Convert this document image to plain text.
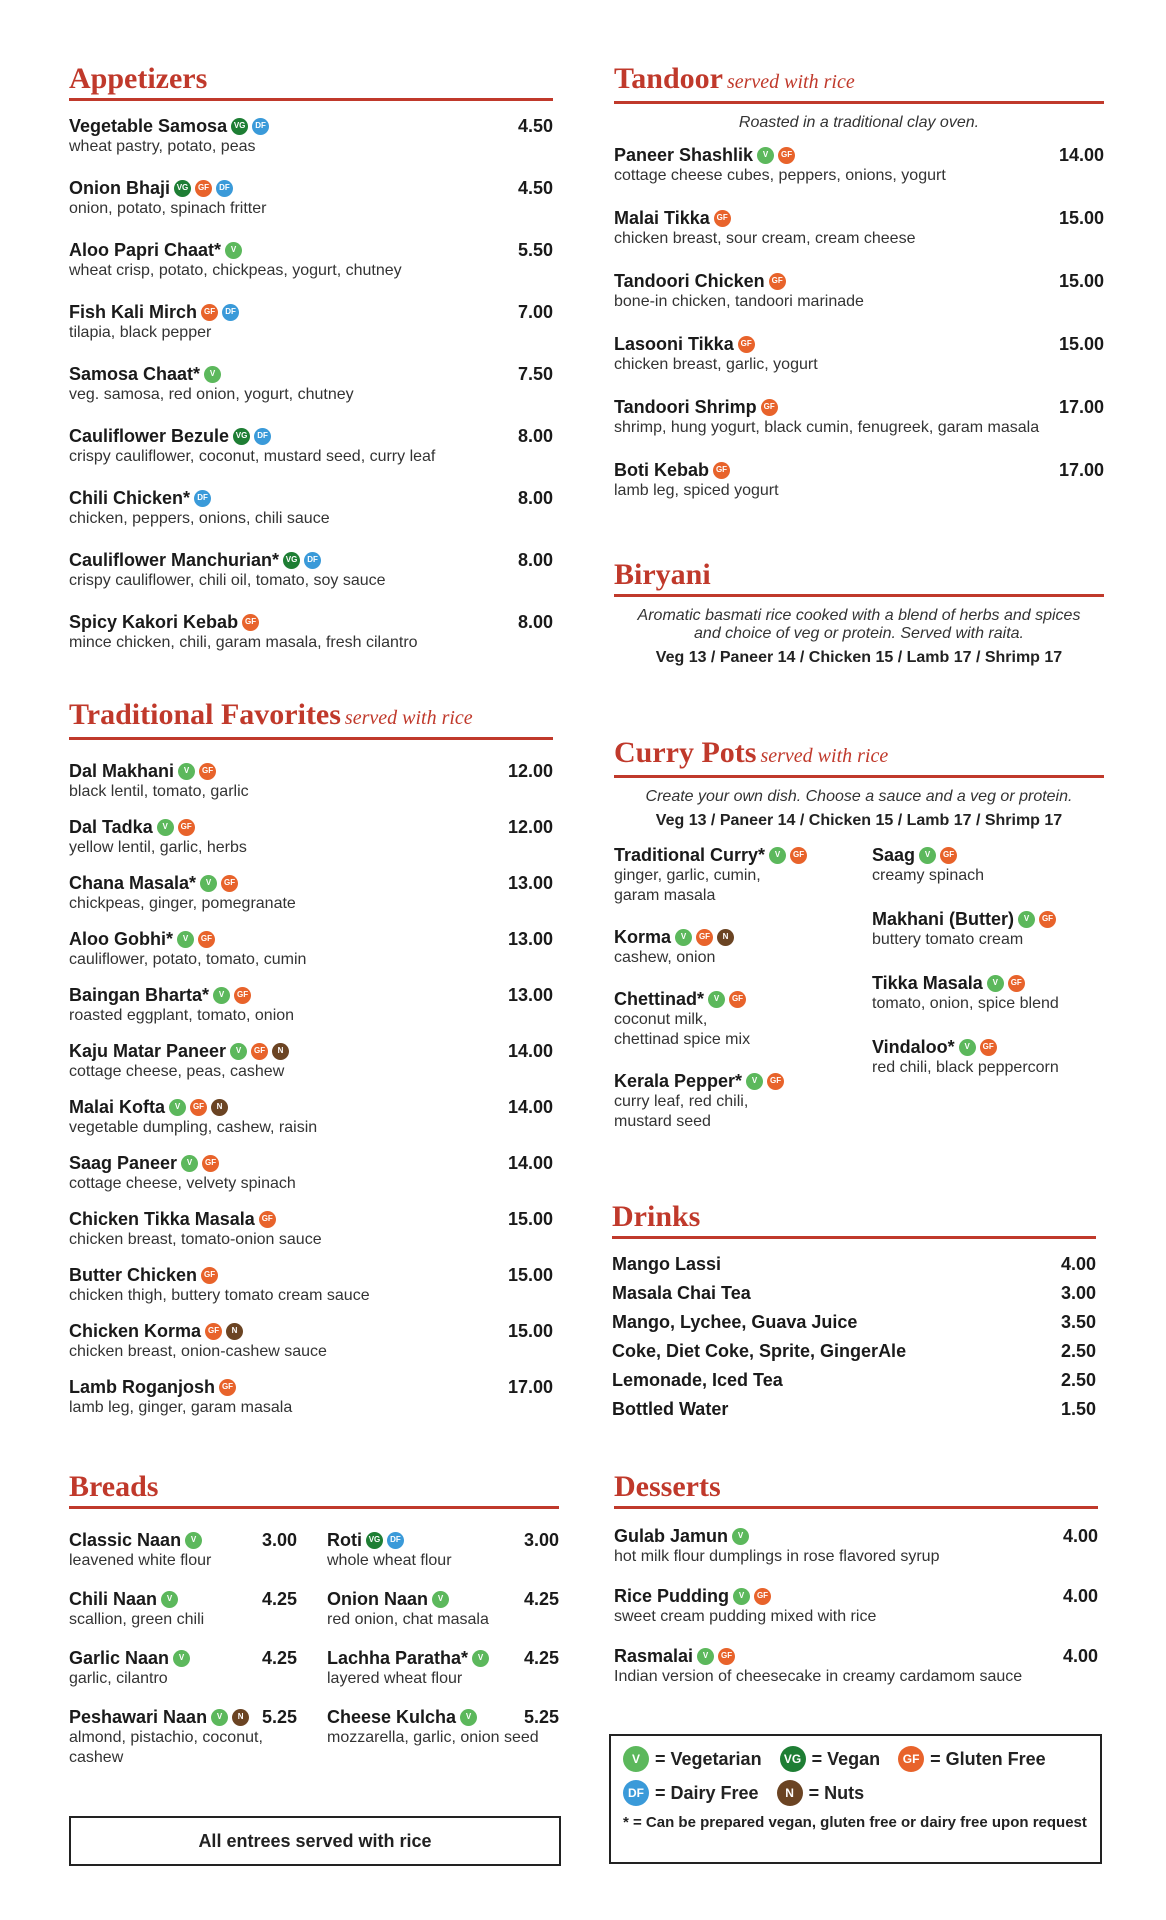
Appetizers
Vegetable Samosa VG	DF	4.50
wheat pastry, potato, peas
Onion Bhaji VG	GF	DF	4.50
onion, potato, spinach fritter
Aloo Papri Chaat*	V	5.50
wheat crisp, potato, chickpeas, yogurt, chutney
Fish Kali Mirch GF	DF	7.00
tilapia, black pepper
Samosa Chaat*	V	7.50
veg. samosa, red onion, yogurt, chutney
Cauliflower Bezule VG	DF	8.00
crispy cauliflower, coconut, mustard seed, curry leaf
Chili Chicken* DF	8.00
chicken, peppers, onions, chili sauce
Cauliflower Manchurian* VG	DF	8.00
crispy cauliflower, chili oil, tomato, soy sauce
Spicy Kakori Kebab GF	8.00
mince chicken, chili, garam masala, fresh cilantro
Traditional Favorites served with rice
Dal Makhani	V	GF	12.00
black lentil, tomato, garlic
Dal Tadka	V	GF	12.00
yellow lentil, garlic, herbs
Chana Masala*	V	GF	13.00
chickpeas, ginger, pomegranate
Aloo Gobhi*	V	GF	13.00
cauliflower, potato, tomato, cumin
Baingan Bharta*	V	GF	13.00
roasted eggplant, tomato, onion
Kaju Matar Paneer	V	GF	N	14.00
cottage cheese, peas, cashew
Malai Kofta	V	GF	N	14.00
vegetable dumpling, cashew, raisin
Saag Paneer	V	GF	14.00
cottage cheese, velvety spinach
Chicken Tikka Masala GF	15.00
chicken breast, tomato-onion sauce
Butter Chicken GF	15.00
chicken thigh, buttery tomato cream sauce
Chicken Korma GF	N	15.00
chicken breast, onion-cashew sauce
Lamb Roganjosh GF	17.00
lamb leg, ginger, garam masala
Breads
Classic Naan	V	3.00
leavened white flour
Chili Naan	V	4.25
scallion, green chili
Garlic Naan	V	4.25
garlic, cilantro
Peshawari Naan	V	N	5.25
almond, pistachio, coconut, cashew
Roti VG	DF	3.00
whole wheat flour
Onion Naan	V	4.25
red onion, chat masala
Lachha Paratha*	V	4.25
layered wheat flour
Cheese Kulcha	V	5.25
mozzarella, garlic, onion seed
All entrees served with rice
Tandoor served with rice
Roasted in a traditional clay oven.
Paneer Shashlik	V	GF	14.00
cottage cheese cubes, peppers, onions, yogurt
Malai Tikka GF	15.00
chicken breast, sour cream, cream cheese
Tandoori Chicken GF	15.00
bone-in chicken, tandoori marinade
Lasooni Tikka GF	15.00
chicken breast, garlic, yogurt
Tandoori Shrimp GF	17.00
shrimp, hung yogurt, black cumin, fenugreek, garam masala
Boti Kebab GF	17.00
lamb leg, spiced yogurt
Biryani
Aromatic basmati rice cooked with a blend of herbs and spices
and choice of veg or protein. Served with raita.
Veg 13 / Paneer 14 / Chicken 15 / Lamb 17 / Shrimp 17
Curry Pots served with rice
Create your own dish. Choose a sauce and a veg or protein.
Veg 13 / Paneer 14 / Chicken 15 / Lamb 17 / Shrimp 17
Traditional Curry*	V	GF
ginger, garlic, cumin,
garam masala
Korma	V	GF	N
cashew, onion
Chettinad*	V	GF
coconut milk,
chettinad spice mix
Kerala Pepper*	V	GF
curry leaf, red chili,
mustard seed
Saag	V	GF
creamy spinach
Makhani (Butter)	V	GF
buttery tomato cream
Tikka Masala	V	GF
tomato, onion, spice blend
Vindaloo*	V	GF
red chili, black peppercorn
Drinks
Mango Lassi	4.00
Masala Chai Tea	3.00
Mango, Lychee, Guava Juice	3.50
Coke, Diet Coke, Sprite, GingerAle	2.50
Lemonade, Iced Tea	2.50
Bottled Water	1.50
Desserts
Gulab Jamun	V	4.00
hot milk flour dumplings in rose flavored syrup
Rice Pudding	V	GF	4.00
sweet cream pudding mixed with rice
Rasmalai	V	GF	4.00
Indian version of cheesecake in creamy cardamom sauce
V = Vegetarian	VG = Vegan	GF = Gluten Free
DF = Dairy Free	N = Nuts
* = Can be prepared vegan, gluten free or dairy free upon request
